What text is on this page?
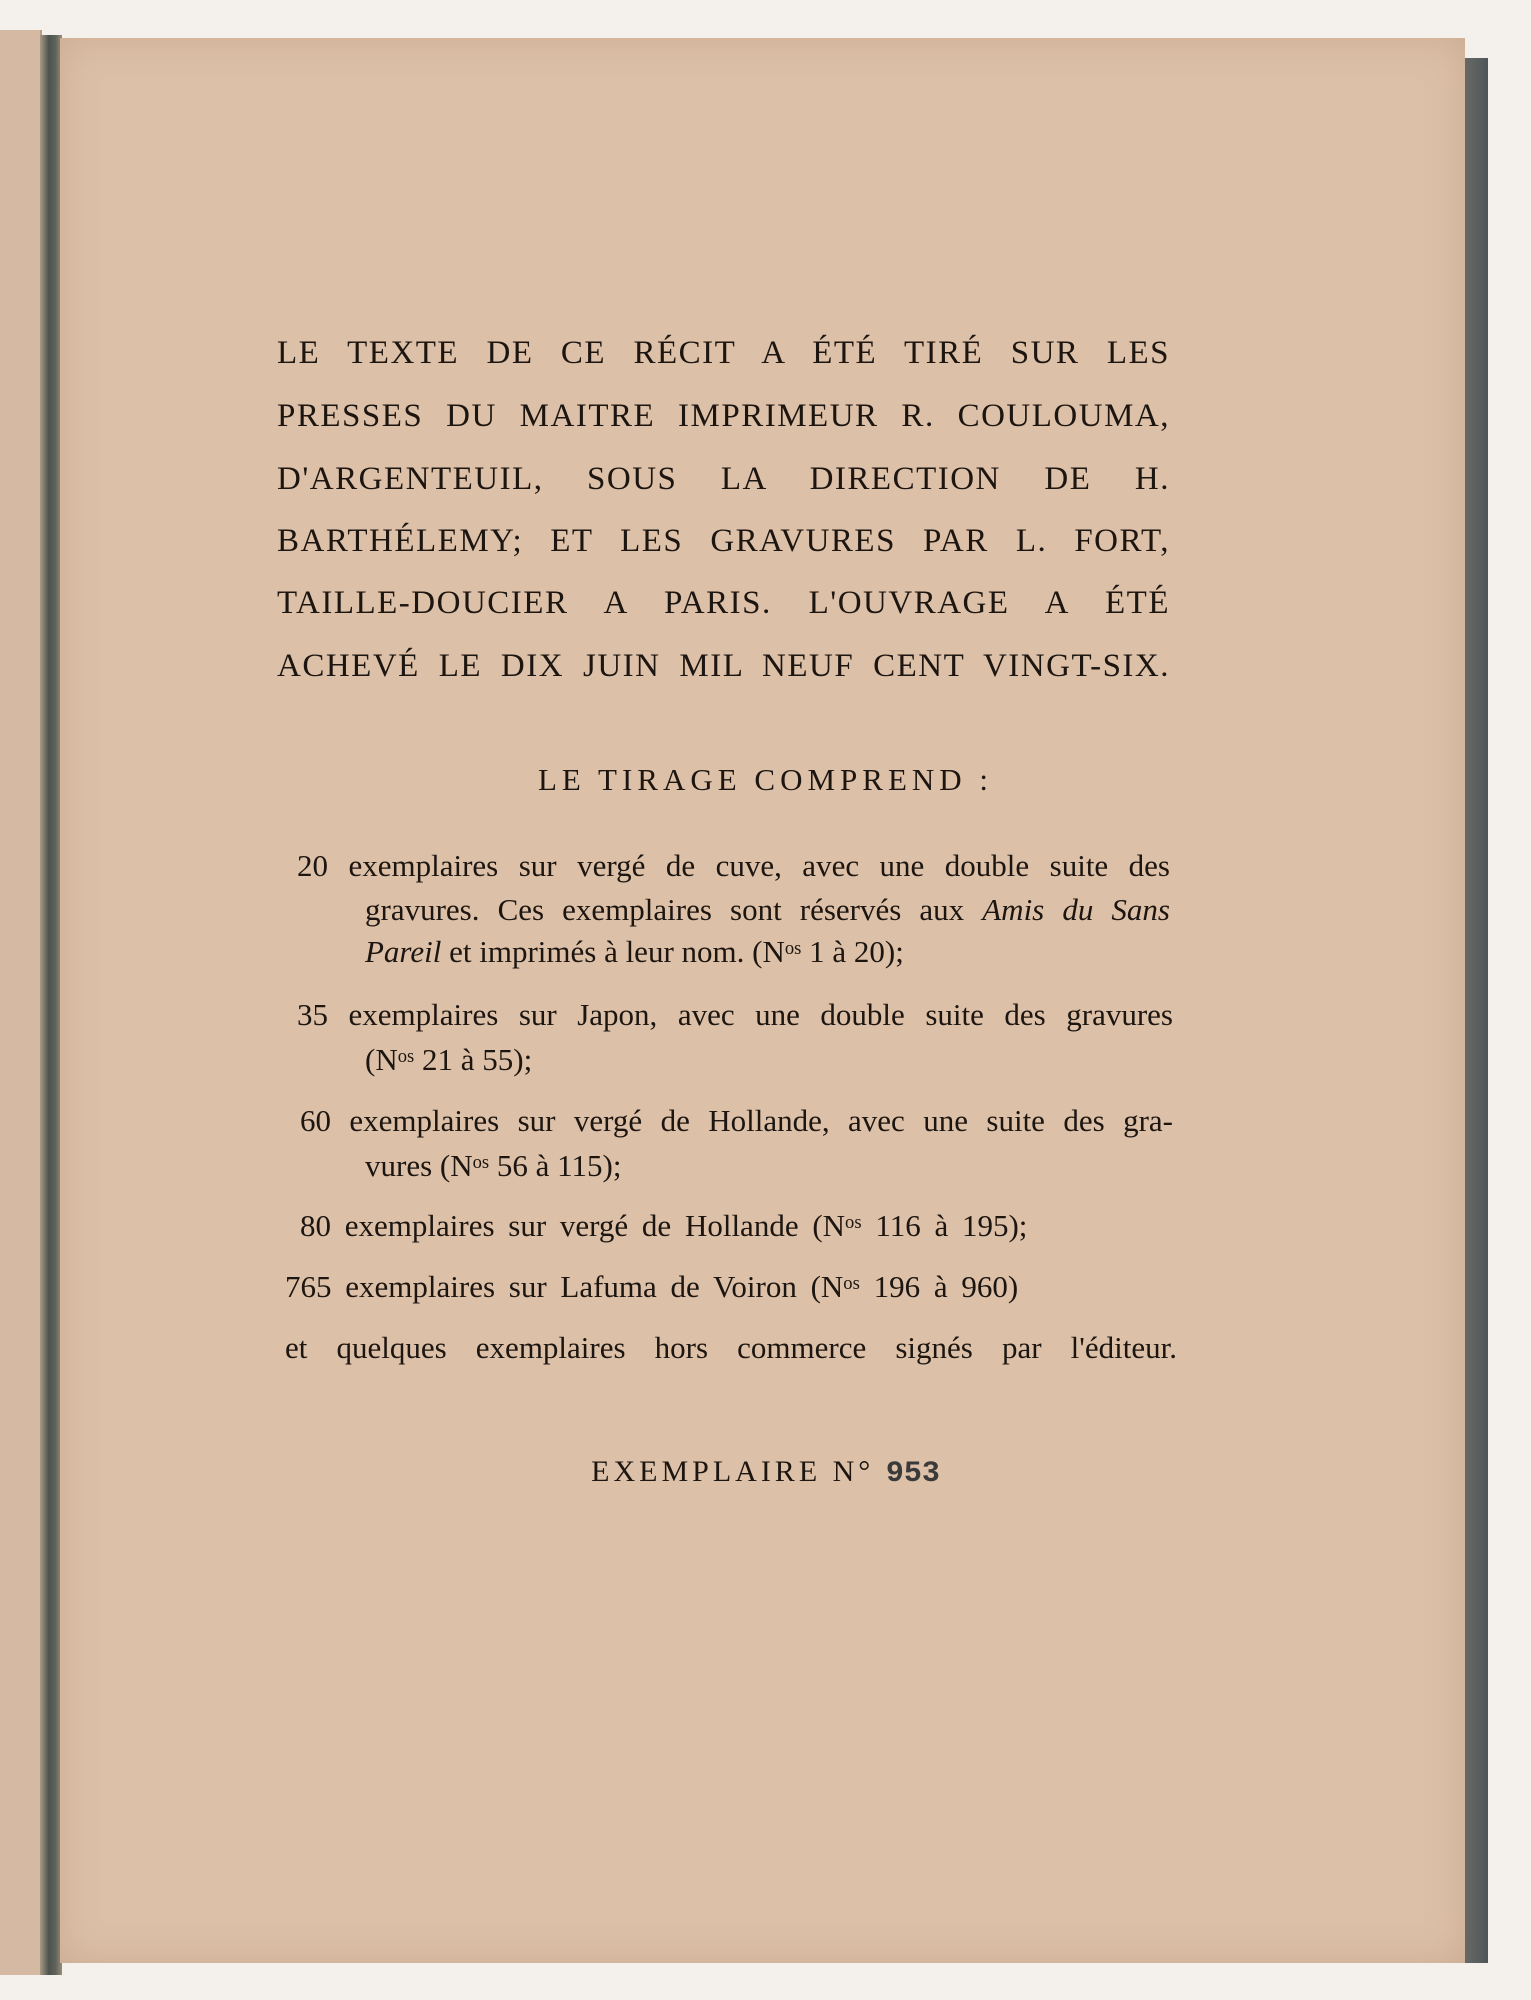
LE TEXTE DE CE RÉCIT A ÉTÉ TIRÉ SUR LES
PRESSES DU MAITRE IMPRIMEUR R. COULOUMA,
D'ARGENTEUIL, SOUS LA DIRECTION DE H.
BARTHÉLEMY; ET LES GRAVURES PAR L. FORT,
TAILLE-DOUCIER A PARIS. L'OUVRAGE A ÉTÉ
ACHEVÉ LE DIX JUIN MIL NEUF CENT VINGT-SIX.
LE TIRAGE COMPREND :
20 exemplaires sur vergé de cuve, avec une double suite des
gravures. Ces exemplaires sont réservés aux Amis du Sans
Pareil et imprimés à leur nom. ($N^{os}$ 1 à 20);
35 exemplaires sur Japon, avec une double suite des gravures
($N^{os}$ 21 à 55);
60 exemplaires sur vergé de Hollande, avec une suite des gra-
vures ($N^{os}$ 56 à 115);
80 exemplaires sur vergé de Hollande ($N^{os}$ 116 à 195);
765 exemplaires sur Lafuma de Voiron ($N^{os}$ 196 à 960)
et quelques exemplaires hors commerce signés par l'éditeur.
EXEMPLAIRE N° 953
